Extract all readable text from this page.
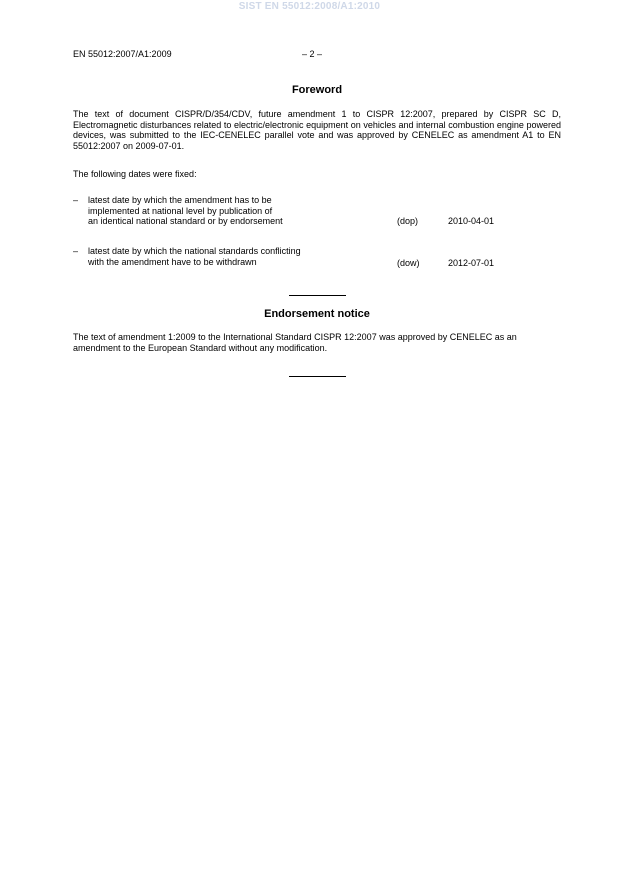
SIST EN 55012:2008/A1:2010
EN 55012:2007/A1:2009	– 2 –
Foreword
The text of document CISPR/D/354/CDV, future amendment 1 to CISPR 12:2007, prepared by CISPR SC D, Electromagnetic disturbances related to electric/electronic equipment on vehicles and internal combustion engine powered devices, was submitted to the IEC-CENELEC parallel vote and was approved by CENELEC as amendment A1 to EN 55012:2007 on 2009-07-01.
The following dates were fixed:
– latest date by which the amendment has to be
implemented at national level by publication of
an identical national standard or by endorsement	(dop)	2010-04-01
– latest date by which the national standards conflicting
with the amendment have to be withdrawn	(dow)	2012-07-01
Endorsement notice
The text of amendment 1:2009 to the International Standard CISPR 12:2007 was approved by CENELEC as an amendment to the European Standard without any modification.
